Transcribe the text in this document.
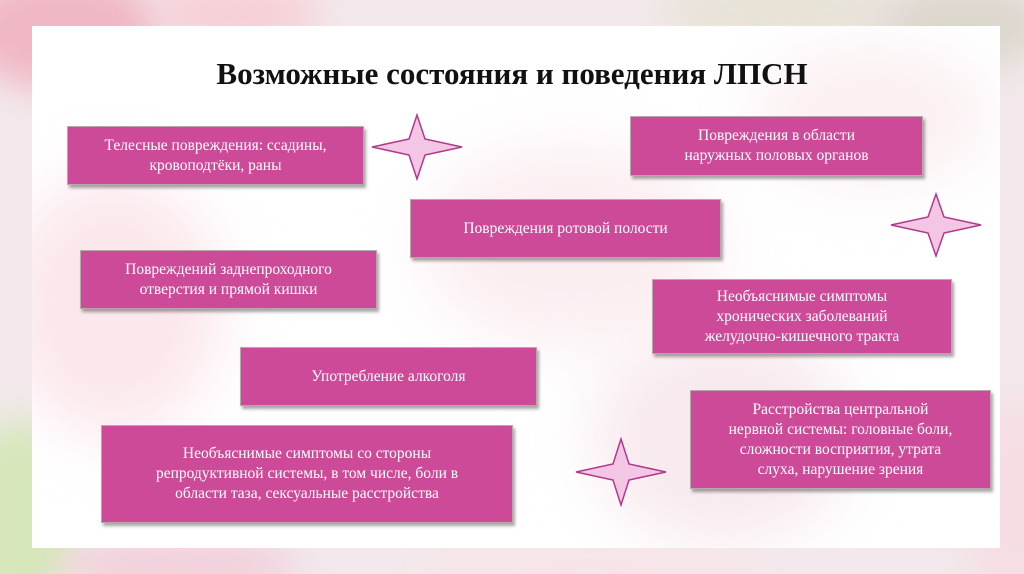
Возможные состояния и поведения ЛПСН
Телесные повреждения: ссадины,
кровоподтёки, раны
Повреждения в области
наружных половых органов
Повреждения ротовой полости
Повреждений заднепроходного
отверстия и прямой кишки	Необъяснимые симптомы
хронических заболеваний
желудочно-кишечного тракта
Употребление алкоголя
Расстройства центральной
нервной системы: головные боли,
сложности восприятия, утрата
слуха, нарушение зрения
Необъяснимые симптомы со стороны
репродуктивной системы, в том числе, боли в
области таза, сексуальные расстройства
